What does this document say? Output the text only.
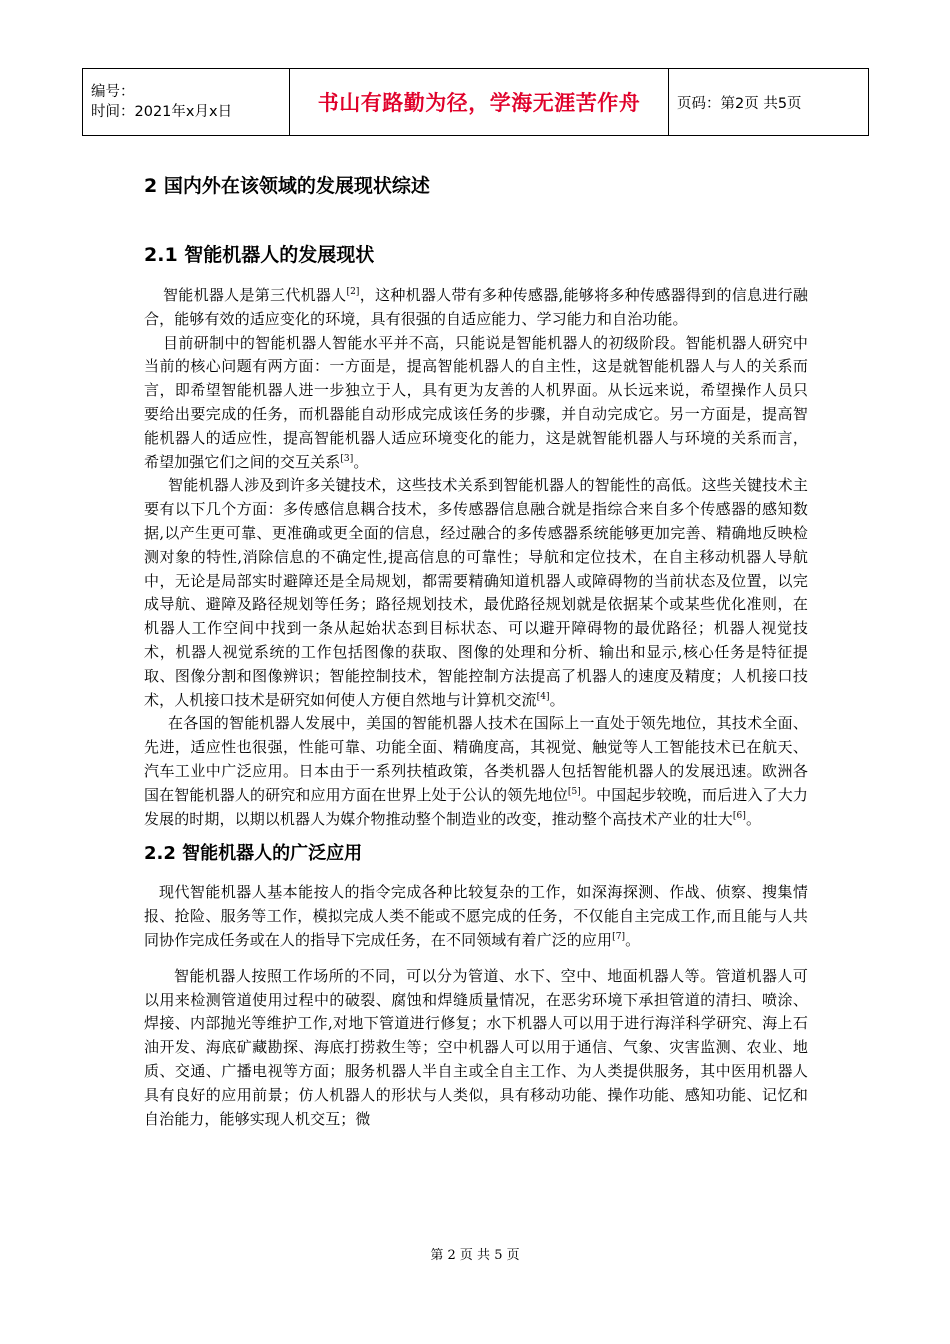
编号：
时间：2021年x月x日	书山有路勤为径，学海无涯苦作舟	页码：第2页 共5页
2 国内外在该领域的发展现状综述
2.1 智能机器人的发展现状

智能机器人是第三代机器人[2]，这种机器人带有多种传感器,能够将多种传感器得到的信息进行融合，能够有效的适应变化的环境，具有很强的自适应能力、学习能力和自治功能。

目前研制中的智能机器人智能水平并不高，只能说是智能机器人的初级阶段。智能机器人研究中当前的核心问题有两方面：一方面是，提高智能机器人的自主性，这是就智能机器人与人的关系而言，即希望智能机器人进一步独立于人，具有更为友善的人机界面。从长远来说，希望操作人员只要给出要完成的任务，而机器能自动形成完成该任务的步骤，并自动完成它。另一方面是，提高智能机器人的适应性，提高智能机器人适应环境变化的能力，这是就智能机器人与环境的关系而言，希望加强它们之间的交互关系[3]。

智能机器人涉及到许多关键技术，这些技术关系到智能机器人的智能性的高低。这些关键技术主要有以下几个方面：多传感信息耦合技术，多传感器信息融合就是指综合来自多个传感器的感知数据,以产生更可靠、更准确或更全面的信息，经过融合的多传感器系统能够更加完善、精确地反映检测对象的特性,消除信息的不确定性,提高信息的可靠性；导航和定位技术，在自主移动机器人导航中，无论是局部实时避障还是全局规划，都需要精确知道机器人或障碍物的当前状态及位置，以完成导航、避障及路径规划等任务；路径规划技术，最优路径规划就是依据某个或某些优化准则，在机器人工作空间中找到一条从起始状态到目标状态、可以避开障碍物的最优路径；机器人视觉技术，机器人视觉系统的工作包括图像的获取、图像的处理和分析、输出和显示,核心任务是特征提取、图像分割和图像辨识；智能控制技术，智能控制方法提高了机器人的速度及精度；人机接口技术，人机接口技术是研究如何使人方便自然地与计算机交流[4]。

在各国的智能机器人发展中，美国的智能机器人技术在国际上一直处于领先地位，其技术全面、先进，适应性也很强，性能可靠、功能全面、精确度高，其视觉、触觉等人工智能技术已在航天、汽车工业中广泛应用。日本由于一系列扶植政策，各类机器人包括智能机器人的发展迅速。欧洲各国在智能机器人的研究和应用方面在世界上处于公认的领先地位[5]。中国起步较晚，而后进入了大力发展的时期，以期以机器人为媒介物推动整个制造业的改变，推动整个高技术产业的壮大[6]。

2.2 智能机器人的广泛应用

现代智能机器人基本能按人的指令完成各种比较复杂的工作，如深海探测、作战、侦察、搜集情报、抢险、服务等工作，模拟完成人类不能或不愿完成的任务，不仅能自主完成工作,而且能与人共同协作完成任务或在人的指导下完成任务，在不同领域有着广泛的应用[7]。

智能机器人按照工作场所的不同，可以分为管道、水下、空中、地面机器人等。管道机器人可以用来检测管道使用过程中的破裂、腐蚀和焊缝质量情况，在恶劣环境下承担管道的清扫、喷涂、焊接、内部抛光等维护工作,对地下管道进行修复；水下机器人可以用于进行海洋科学研究、海上石油开发、海底矿藏勘探、海底打捞救生等；空中机器人可以用于通信、气象、灾害监测、农业、地质、交通、广播电视等方面；服务机器人半自主或全自主工作、为人类提供服务，其中医用机器人具有良好的应用前景；仿人机器人的形状与人类似，具有移动功能、操作功能、感知功能、记忆和自治能力，能够实现人机交互；微

第 2 页 共 5 页
